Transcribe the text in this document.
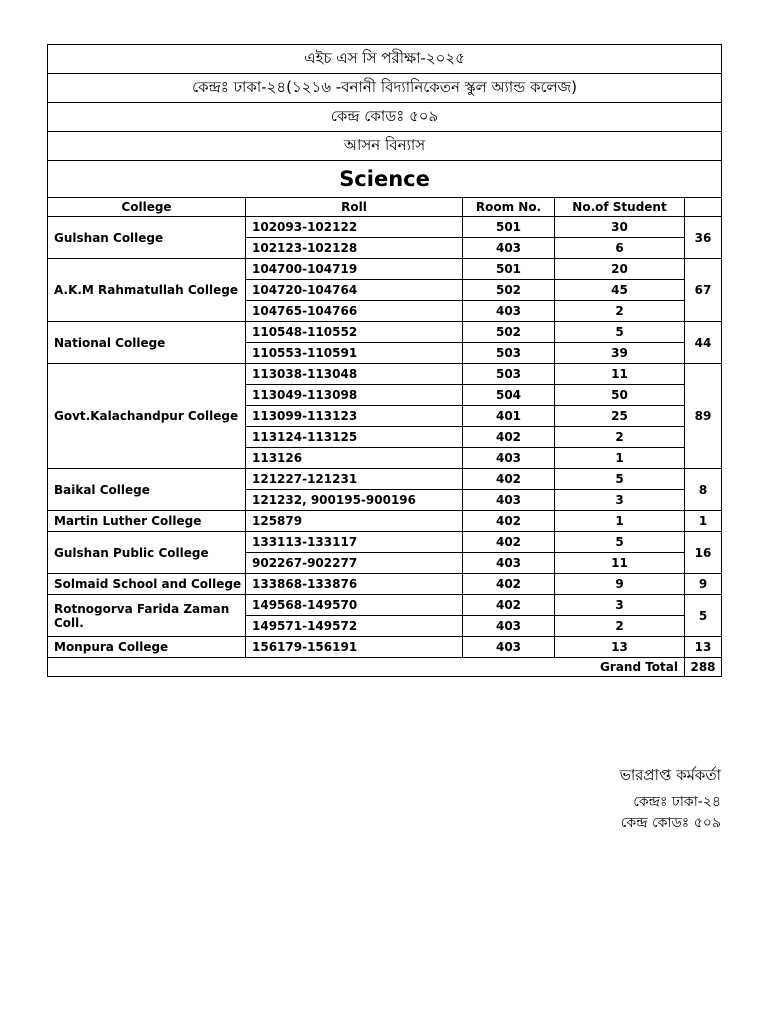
এইচ এস সি পরীক্ষা-২০২৫				
কেন্দ্রঃ ঢাকা-২৪(১২১৬ -বনানী বিদ্যানিকেতন স্কুল অ্যান্ড কলেজ)				
কেন্দ্র কোডঃ ৫০৯				
আসন বিন্যাস				
Science				
College	Roll	Room No.	No.of Student	
Gulshan College	102093-102122	501	30	36
	102123-102128	403	6	
A.K.M Rahmatullah College	104700-104719	501	20	67
	104720-104764	502	45	
	104765-104766	403	2	
National College	110548-110552	502	5	44
	110553-110591	503	39	
Govt.Kalachandpur College	113038-113048	503	11	89
	113049-113098	504	50	
	113099-113123	401	25	
	113124-113125	402	2	
	113126	403	1	
Baikal College	121227-121231	402	5	8
	121232, 900195-900196	403	3	
Martin Luther College	125879	402	1	1
Gulshan Public College	133113-133117	402	5	16
	902267-902277	403	11	
Solmaid School and College	133868-133876	402	9	9
Rotnogorva Farida Zaman Coll.	149568-149570	402	3	5
	149571-149572	403	2	
Monpura College	156179-156191	403	13	13
Grand Total				288
ভারপ্রাপ্ত কর্মকর্তা
কেন্দ্রঃ ঢাকা-২৪
কেন্দ্র কোডঃ ৫০৯
